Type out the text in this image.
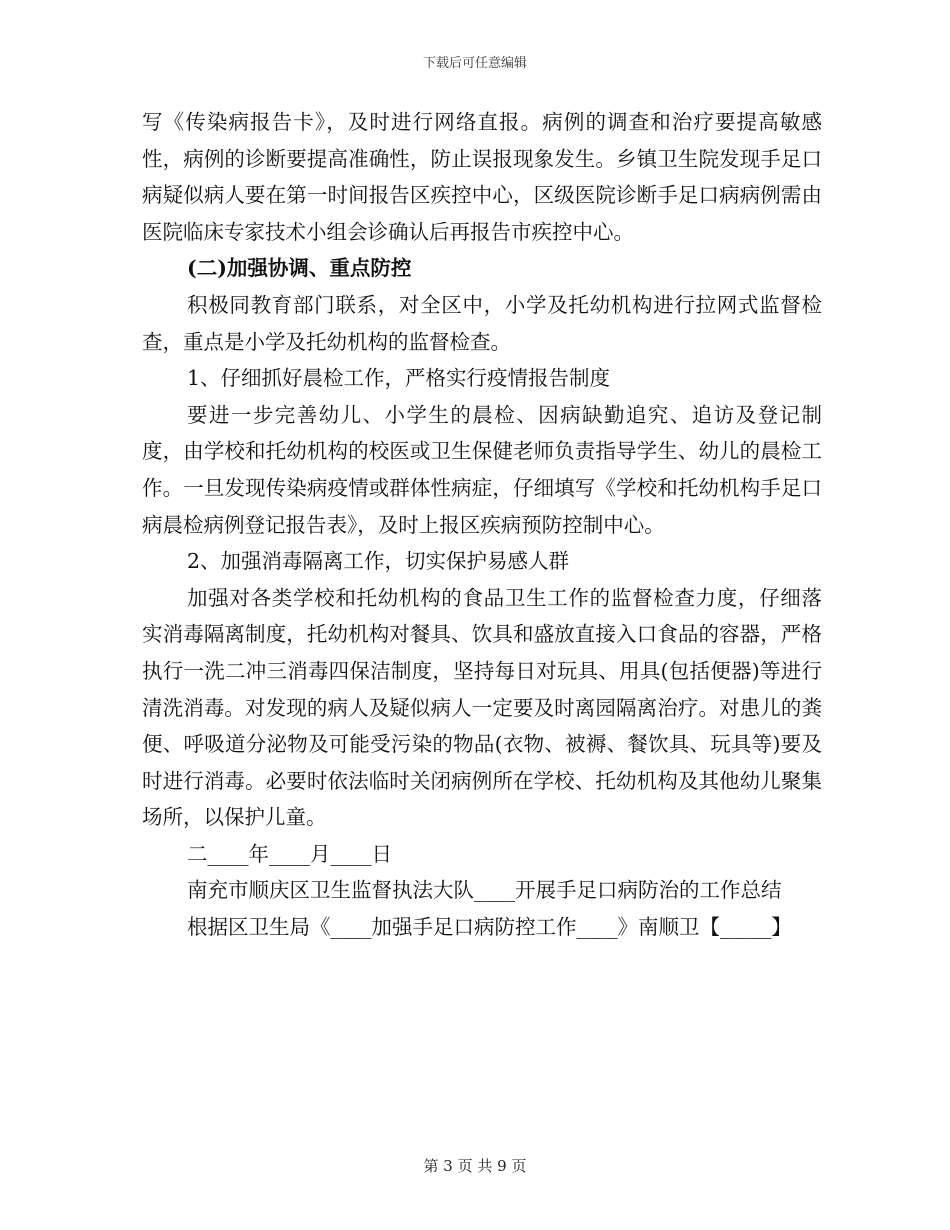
下载后可任意编辑

写《传染病报告卡》，及时进行网络直报。病例的调查和治疗要提高敏感性，病例的诊断要提高准确性，防止误报现象发生。乡镇卫生院发现手足口病疑似病人要在第一时间报告区疾控中心，区级医院诊断手足口病病例需由医院临床专家技术小组会诊确认后再报告市疾控中心。

(二)加强协调、重点防控

积极同教育部门联系，对全区中，小学及托幼机构进行拉网式监督检查，重点是小学及托幼机构的监督检查。

1、仔细抓好晨检工作，严格实行疫情报告制度

要进一步完善幼儿、小学生的晨检、因病缺勤追究、追访及登记制度，由学校和托幼机构的校医或卫生保健老师负责指导学生、幼儿的晨检工作。一旦发现传染病疫情或群体性病症，仔细填写《学校和托幼机构手足口病晨检病例登记报告表》，及时上报区疾病预防控制中心。

2、加强消毒隔离工作，切实保护易感人群

加强对各类学校和托幼机构的食品卫生工作的监督检查力度，仔细落实消毒隔离制度，托幼机构对餐具、饮具和盛放直接入口食品的容器，严格执行一洗二冲三消毒四保洁制度，坚持每日对玩具、用具(包括便器)等进行清洗消毒。对发现的病人及疑似病人一定要及时离园隔离治疗。对患儿的粪便、呼吸道分泌物及可能受污染的物品(衣物、被褥、餐饮具、玩具等)要及时进行消毒。必要时依法临时关闭病例所在学校、托幼机构及其他幼儿聚集场所，以保护儿童。

二____年____月____日

南充市顺庆区卫生监督执法大队____开展手足口病防治的工作总结

根据区卫生局《____加强手足口病防控工作____》南顺卫【_____】

第 3 页 共 9 页
